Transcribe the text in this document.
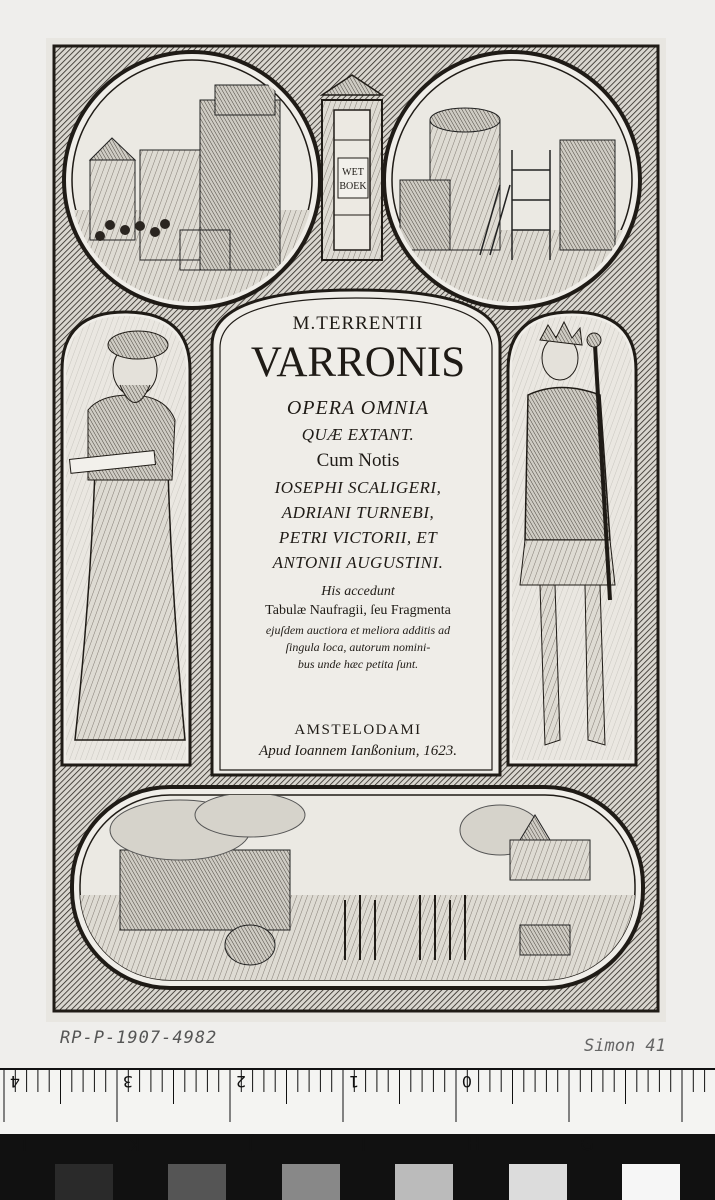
WET
BOEK
M.TERRENTII
VARRONIS
OPERA OMNIA
QUÆ EXTANT.
Cum Notis
IOSEPHI SCALIGERI,
ADRIANI TURNEBI,
PETRI VICTORII, ET
ANTONII AUGUSTINI.
His accedunt
Tabulæ Naufragii, ſeu Fragmenta
ejuſdem auctiora et meliora additis ad
ſingula loca, autorum nomini-
bus unde hæc petita ſunt.
AMSTELODAMI
Apud Ioannem Ianßonium, 1623.
RP-P-1907-4982	Simon 41
4	3	2	1	0
L	K	J	I	H	G
